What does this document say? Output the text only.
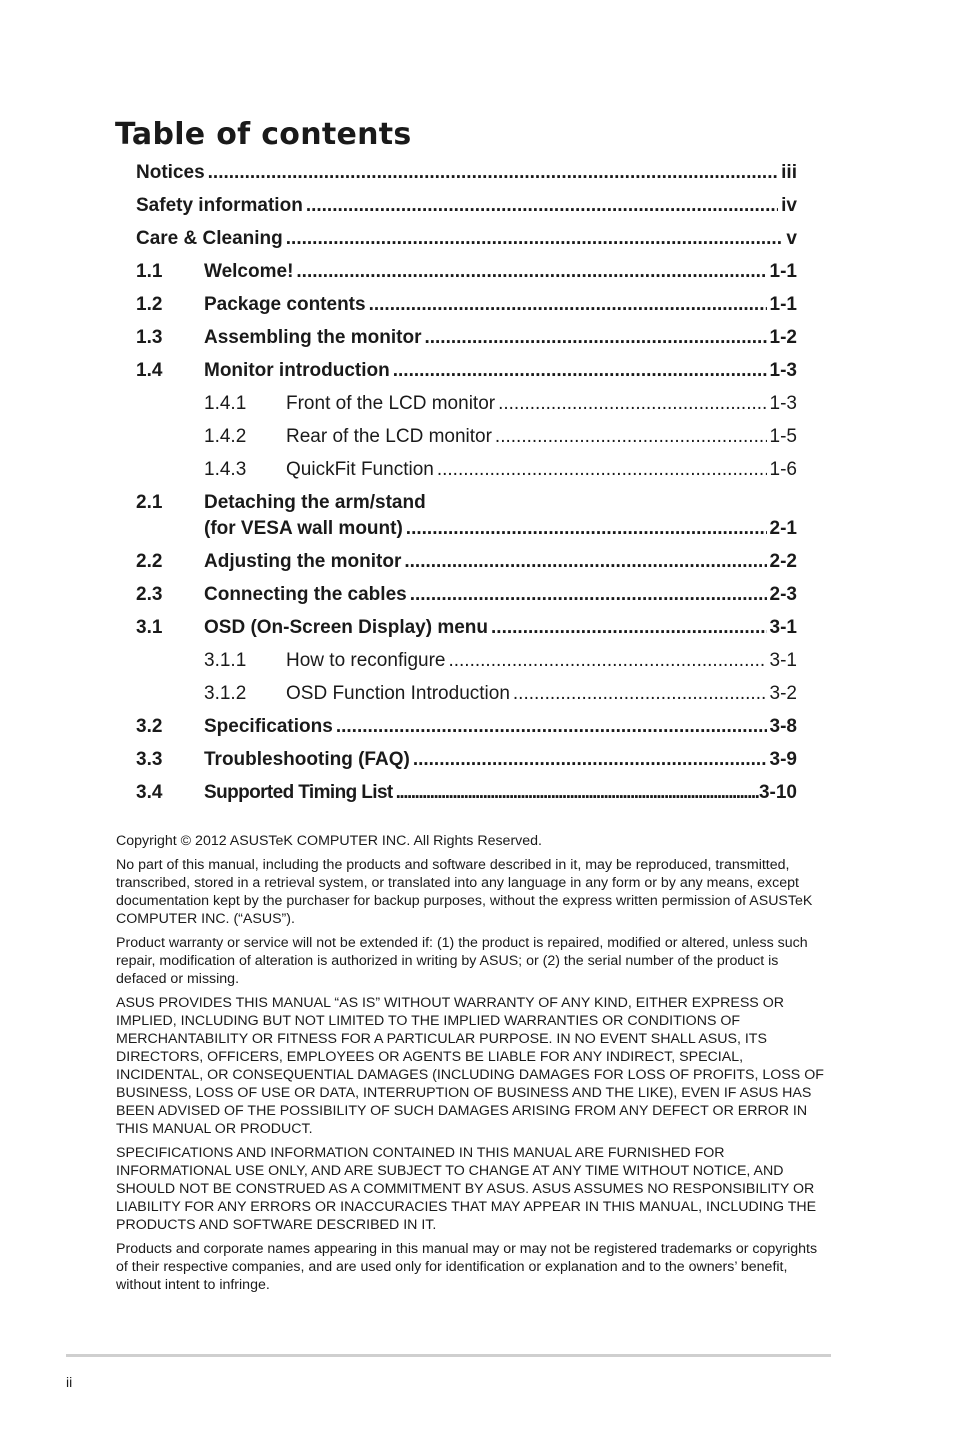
Table of contents
Notices .....	iii
Safety information .....	iv
Care & Cleaning .....	v
1.1 Welcome! .....	1-1
1.2 Package contents .....	1-1
1.3 Assembling the monitor .....	1-2
1.4 Monitor introduction .....	1-3
1.4.1 Front of the LCD monitor .....	1-3
1.4.2 Rear of the LCD monitor .....	1-5
1.4.3 QuickFit Function .....	1-6
2.1 Detaching the arm/stand
(for VESA wall mount) .....	2-1
2.2 Adjusting the monitor .....	2-2
2.3 Connecting the cables .....	2-3
3.1 OSD (On-Screen Display) menu .....	3-1
3.1.1 How to reconfigure .....	3-1
3.1.2 OSD Function Introduction .....	3-2
3.2 Specifications .....	3-8
3.3 Troubleshooting (FAQ) .....	3-9
3.4 Supported Timing List .....	3-10

Copyright © 2012 ASUSTeK COMPUTER INC. All Rights Reserved.

No part of this manual, including the products and software described in it, may be reproduced, transmitted, transcribed, stored in a retrieval system, or translated into any language in any form or by any means, except documentation kept by the purchaser for backup purposes, without the express written permission of ASUSTeK COMPUTER INC. (“ASUS”).

Product warranty or service will not be extended if: (1) the product is repaired, modified or altered, unless such repair, modification of alteration is authorized in writing by ASUS; or (2) the serial number of the product is defaced or missing.

ASUS PROVIDES THIS MANUAL “AS IS” WITHOUT WARRANTY OF ANY KIND, EITHER EXPRESS OR IMPLIED, INCLUDING BUT NOT LIMITED TO THE IMPLIED WARRANTIES OR CONDITIONS OF MERCHANTABILITY OR FITNESS FOR A PARTICULAR PURPOSE. IN NO EVENT SHALL ASUS, ITS DIRECTORS, OFFICERS, EMPLOYEES OR AGENTS BE LIABLE FOR ANY INDIRECT, SPECIAL, INCIDENTAL, OR CONSEQUENTIAL DAMAGES (INCLUDING DAMAGES FOR LOSS OF PROFITS, LOSS OF BUSINESS, LOSS OF USE OR DATA, INTERRUPTION OF BUSINESS AND THE LIKE), EVEN IF ASUS HAS BEEN ADVISED OF THE POSSIBILITY OF SUCH DAMAGES ARISING FROM ANY DEFECT OR ERROR IN THIS MANUAL OR PRODUCT.

SPECIFICATIONS AND INFORMATION CONTAINED IN THIS MANUAL ARE FURNISHED FOR INFORMATIONAL USE ONLY, AND ARE SUBJECT TO CHANGE AT ANY TIME WITHOUT NOTICE, AND SHOULD NOT BE CONSTRUED AS A COMMITMENT BY ASUS. ASUS ASSUMES NO RESPONSIBILITY OR LIABILITY FOR ANY ERRORS OR INACCURACIES THAT MAY APPEAR IN THIS MANUAL, INCLUDING THE PRODUCTS AND SOFTWARE DESCRIBED IN IT.

Products and corporate names appearing in this manual may or may not be registered trademarks or copyrights of their respective companies, and are used only for identification or explanation and to the owners’ benefit, without intent to infringe.

ii
